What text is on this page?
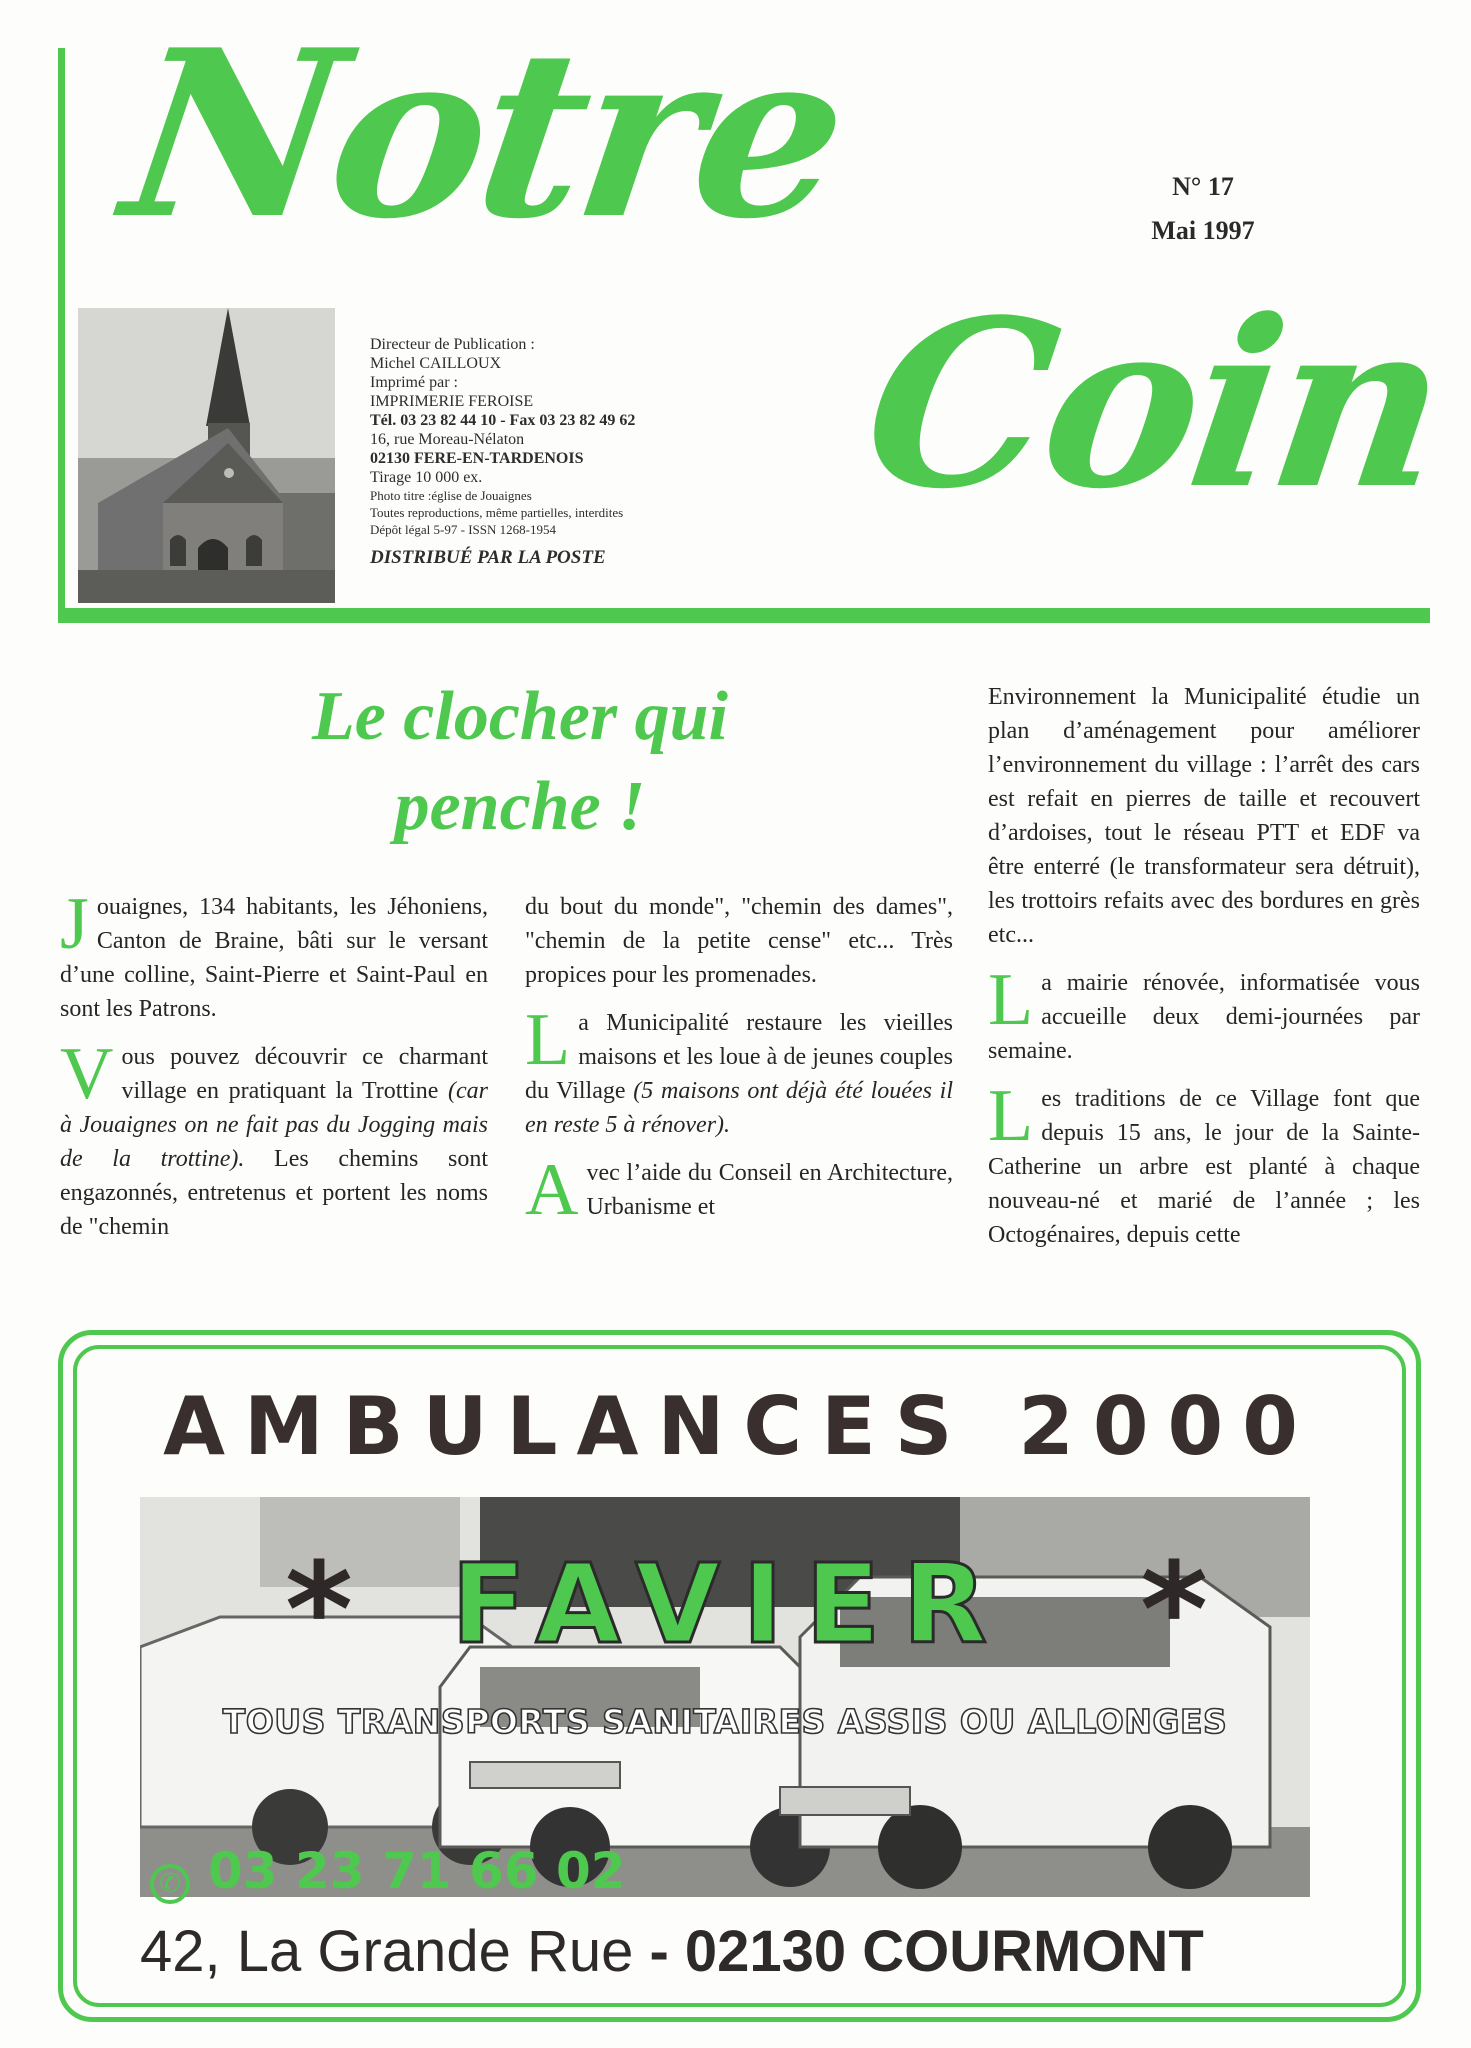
Notre
Coin
N° 17
Mai 1997
Directeur de Publication :
Michel CAILLOUX
Imprimé par :
IMPRIMERIE FEROISE
Tél. 03 23 82 44 10 - Fax 03 23 82 49 62
16, rue Moreau-Nélaton
02130 FERE-EN-TARDENOIS
Tirage 10 000 ex.
Photo titre :église de Jouaignes
Toutes reproductions, même partielles, interdites
Dépôt légal 5-97 - ISSN 1268-1954
DISTRIBUÉ PAR LA POSTE
Le clocher qui
penche !

Jouaignes, 134 habitants, les Jéhoniens, Canton de Braine, bâti sur le versant d’une colline, Saint-Pierre et Saint-Paul en sont les Patrons.

Vous pouvez découvrir ce charmant village en pratiquant la Trottine (car à Jouaignes on ne fait pas du Jogging mais de la trottine). Les chemins sont engazonnés, entretenus et portent les noms de "chemin

du bout du monde", "chemin des dames", "chemin de la petite cense" etc... Très propices pour les promenades.

La Municipalité restaure les vieilles maisons et les loue à de jeunes couples du Village (5 maisons ont déjà été louées il en reste 5 à rénover).

Avec l’aide du Conseil en Architecture, Urbanisme et

Environnement la Municipalité étudie un plan d’aménagement pour améliorer l’environnement du village : l’arrêt des cars est refait en pierres de taille et recouvert d’ardoises, tout le réseau PTT et EDF va être enterré (le transformateur sera détruit), les trottoirs refaits avec des bordures en grès etc...

La mairie rénovée, informatisée vous accueille deux demi-journées par semaine.

Les traditions de ce Village font que depuis 15 ans, le jour de la Sainte-Catherine un arbre est planté à chaque nouveau-né et marié de l’année ; les Octogénaires, depuis cette

AMBULANCES 2000
* FAVIER	*
TOUS TRANSPORTS SANITAIRES ASSIS OU ALLONGES
✆ 03 23 71 66 02
42, La Grande Rue - 02130 COURMONT
